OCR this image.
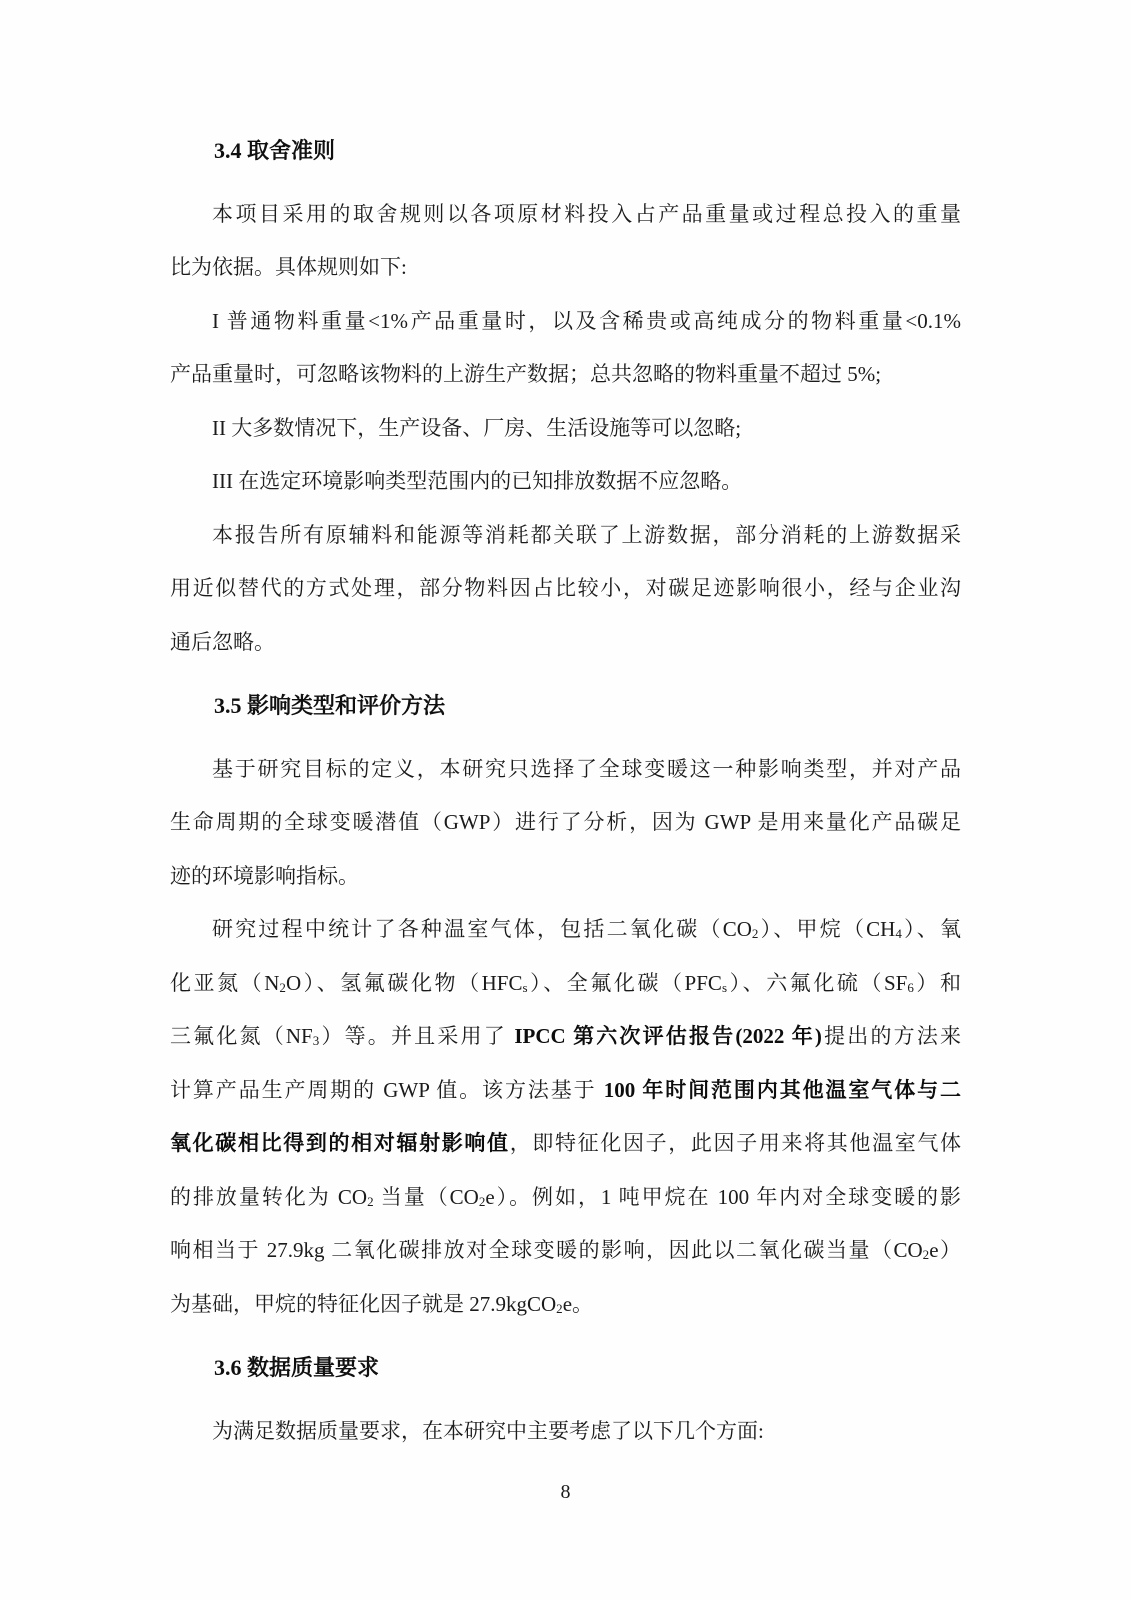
3.4 取舍准则
本项目采用的取舍规则以各项原材料投入占产品重量或过程总投入的重量
比为依据。具体规则如下:
I 普通物料重量<1%产品重量时，以及含稀贵或高纯成分的物料重量<0.1%
产品重量时，可忽略该物料的上游生产数据；总共忽略的物料重量不超过 5%;
II 大多数情况下，生产设备、厂房、生活设施等可以忽略;
III 在选定环境影响类型范围内的已知排放数据不应忽略。
本报告所有原辅料和能源等消耗都关联了上游数据，部分消耗的上游数据采
用近似替代的方式处理，部分物料因占比较小，对碳足迹影响很小，经与企业沟
通后忽略。
3.5 影响类型和评价方法
基于研究目标的定义，本研究只选择了全球变暖这一种影响类型，并对产品
生命周期的全球变暖潜值（GWP）进行了分析，因为 GWP 是用来量化产品碳足
迹的环境影响指标。
研究过程中统计了各种温室气体，包括二氧化碳$(CO_2)$、甲烷$(CH_4)$、氧
化亚氮$(N_2O)$、氢氟碳化物$(HFC_s)$、全氟化碳$(PFC_s)$、六氟化硫$(SF_6)$和
三氟化氮$(NF_3)$等。并且采用了 IPCC 第六次评估报告(2022 年)提出的方法来
计算产品生产周期的 GWP 值。该方法基于 100 年时间范围内其他温室气体与二
氧化碳相比得到的相对辐射影响值，即特征化因子，此因子用来将其他温室气体
的排放量转化为 $CO_2$ 当量$(CO_2e)$。例如，1 吨甲烷在 100 年内对全球变暖的影
响相当于 27.9kg 二氧化碳排放对全球变暖的影响，因此以二氧化碳当量$(CO_2e)$
为基础，甲烷的特征化因子就是 27.9kgCO$_2$e。
3.6 数据质量要求
为满足数据质量要求，在本研究中主要考虑了以下几个方面:
8
